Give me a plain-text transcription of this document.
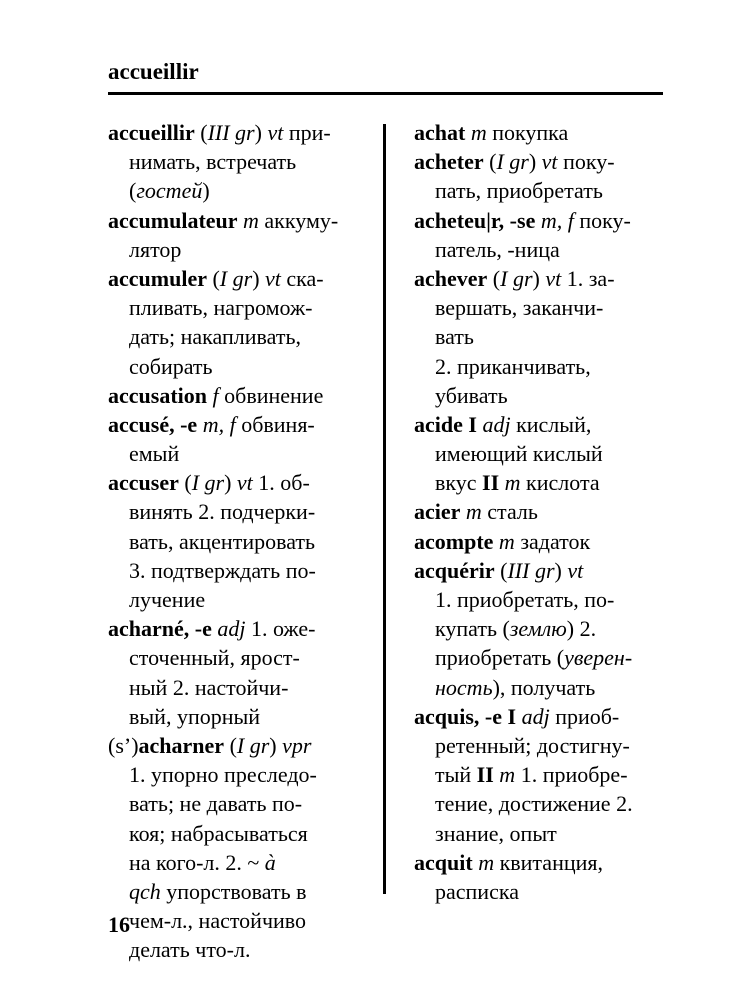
accueillir
accueillir (III gr) vt при-
нимать, встречать
(гостей)
accumulateur m аккуму-
лятор
accumuler (I gr) vt ска-
пливать, нагромож-
дать; накапливать,
собирать
accusation f обвинение
accusé, -e m, f обвиня-
емый
accuser (I gr) vt 1. об-
винять 2. подчерки-
вать, акцентировать
3. подтверждать по-
лучение
acharné, -e adj 1. оже-
сточенный, ярост-
ный 2. настойчи-
вый, упорный
(s’)acharner (I gr) vpr
1. упорно преследо-
вать; не давать по-
коя; набрасываться
на кого-л. 2. ~ à
qch упорствовать в
чем-л., настойчиво
делать что-л.
achat m покупка
acheter (I gr) vt поку-
пать, приобретать
acheteu|r, -se m, f поку-
патель, -ница
achever (I gr) vt 1. за-
вершать, заканчи-
вать
2. приканчивать,
убивать
acide I adj кислый,
имеющий кислый
вкус II m кислота
acier m сталь
acompte m задаток
acquérir (III gr) vt
1. приобретать, по-
купать (землю) 2.
приобретать (уверен-
ность), получать
acquis, -e I adj приоб-
ретенный; достигну-
тый II m 1. приобре-
тение, достижение 2.
знание, опыт
acquit m квитанция,
расписка
16
